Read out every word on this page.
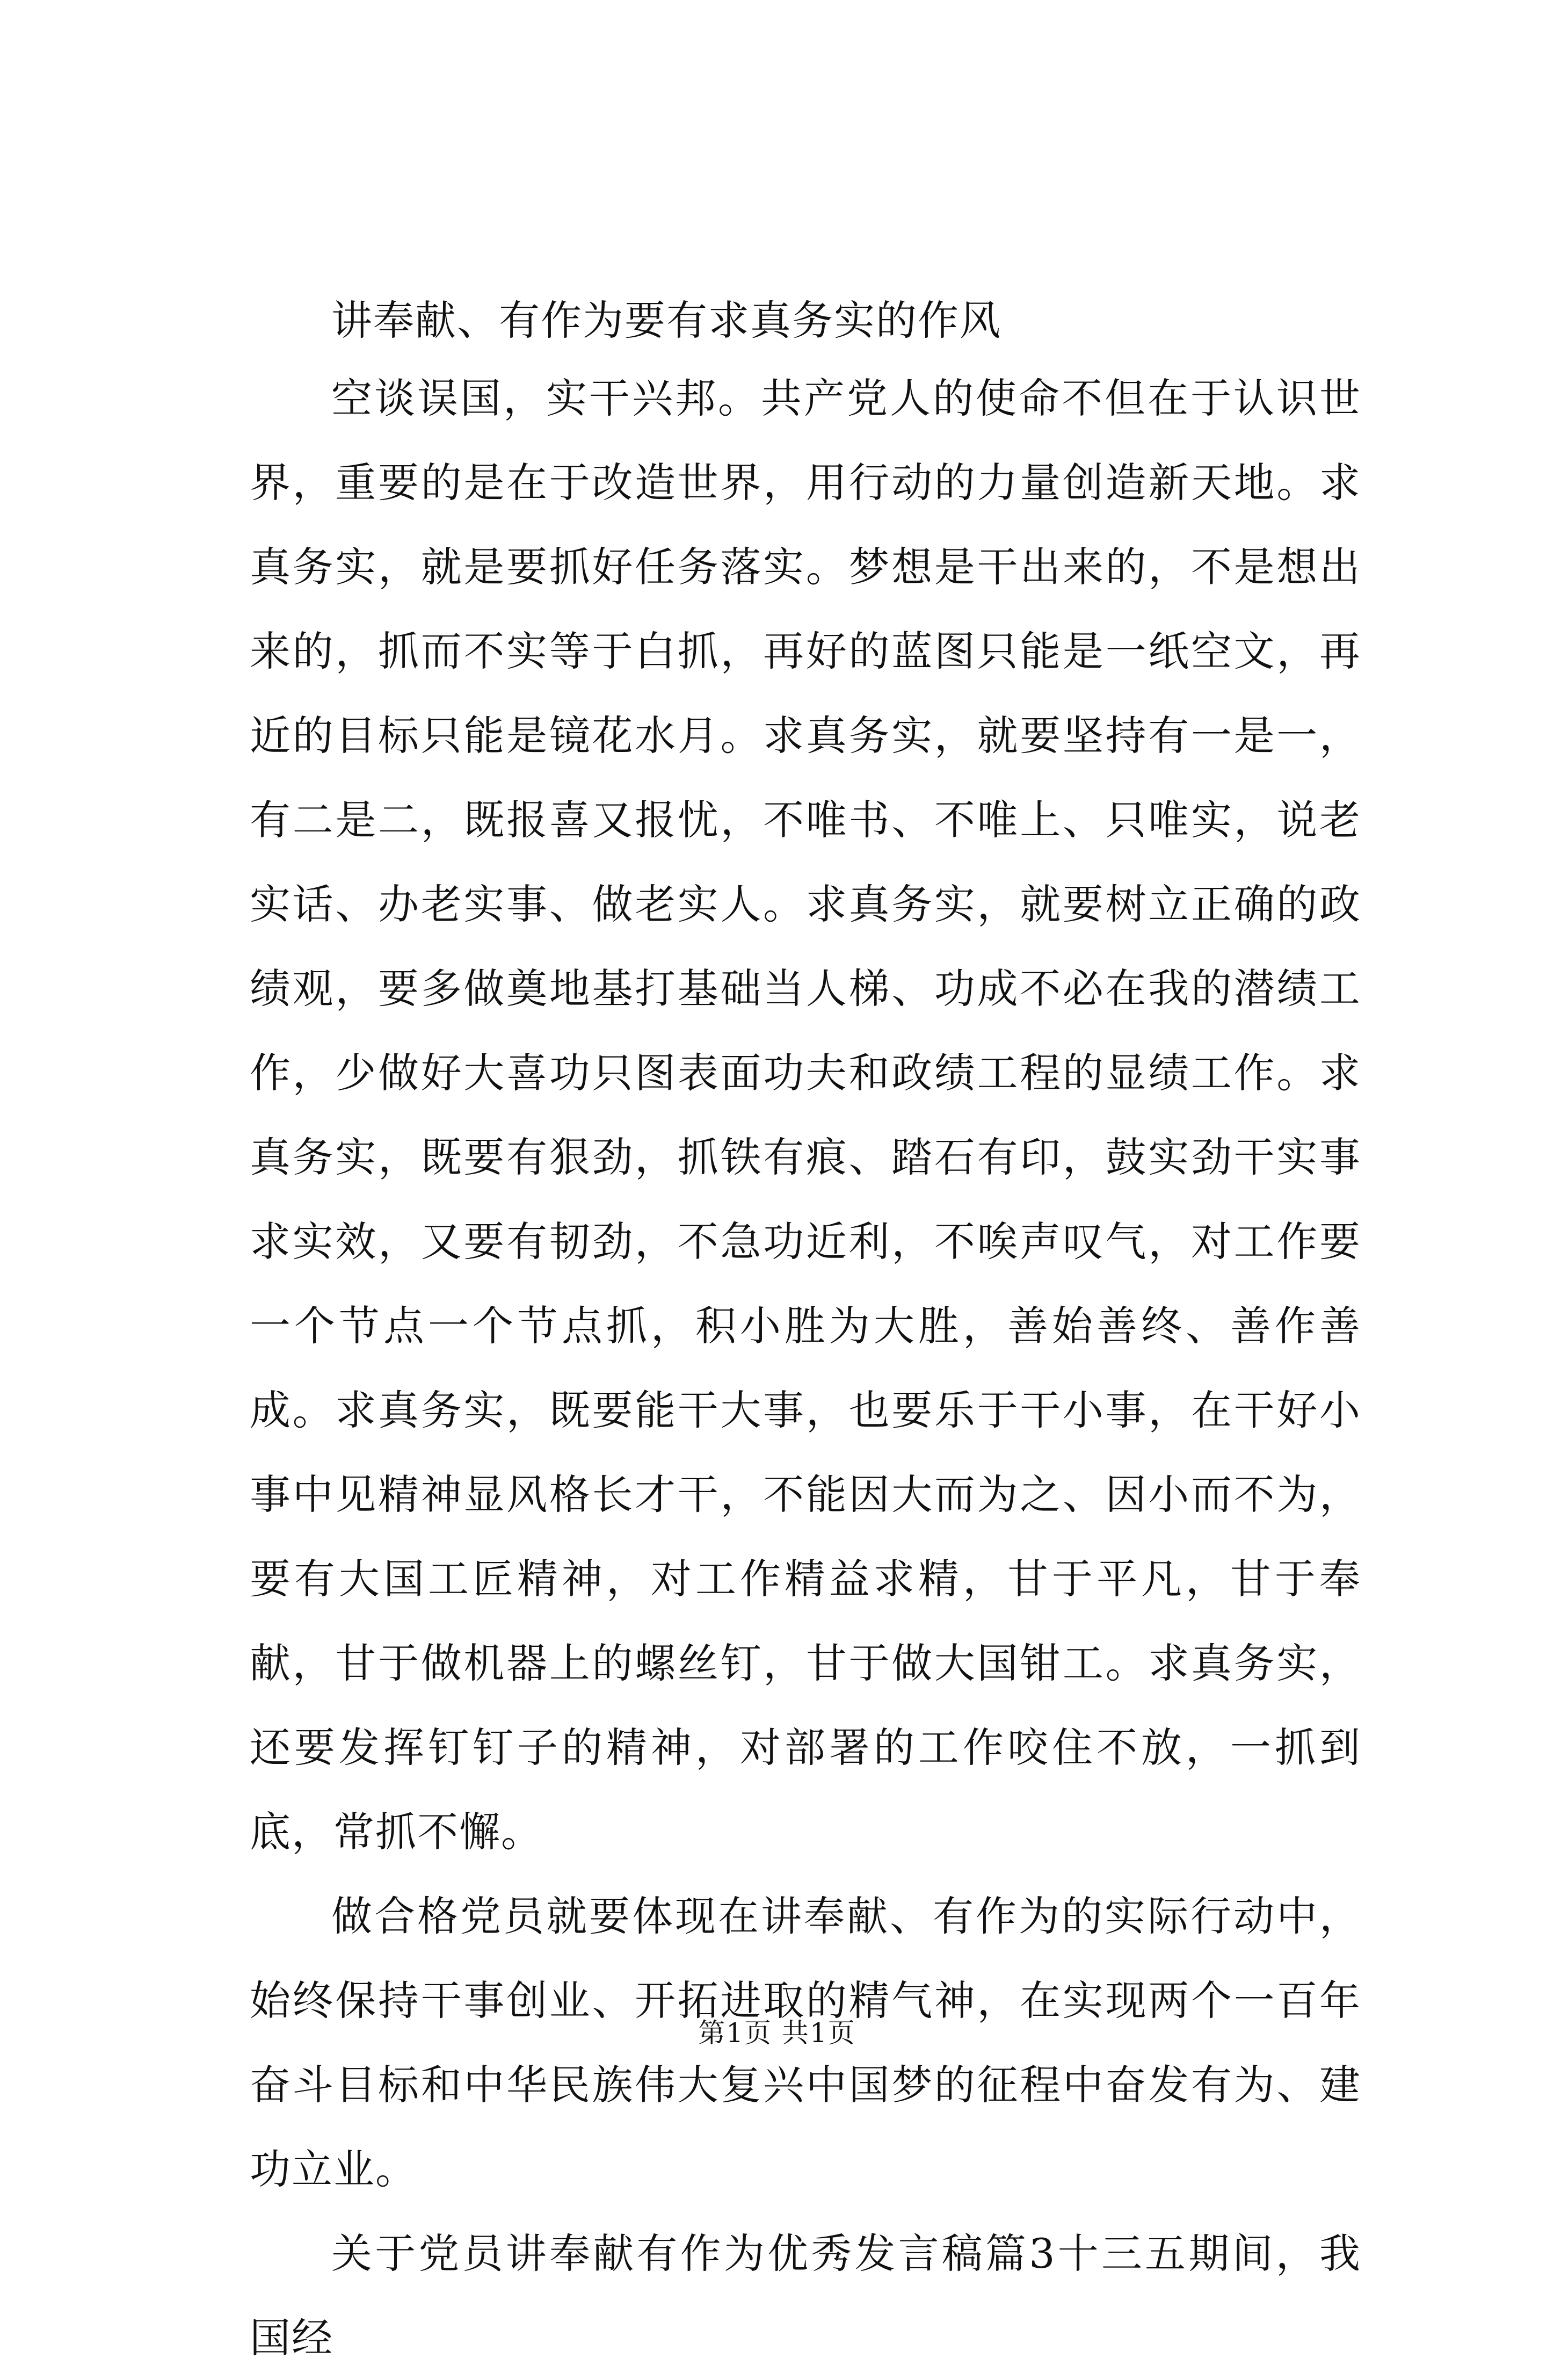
讲奉献、有作为要有求真务实的作风

空谈误国，实干兴邦。共产党人的使命不但在于认识世界，重要的是在于改造世界，用行动的力量创造新天地。求真务实，就是要抓好任务落实。梦想是干出来的，不是想出来的，抓而不实等于白抓，再好的蓝图只能是一纸空文，再近的目标只能是镜花水月。求真务实，就要坚持有一是一，有二是二，既报喜又报忧，不唯书、不唯上、只唯实，说老实话、办老实事、做老实人。求真务实，就要树立正确的政绩观，要多做奠地基打基础当人梯、功成不必在我的潜绩工作，少做好大喜功只图表面功夫和政绩工程的显绩工作。求真务实，既要有狠劲，抓铁有痕、踏石有印，鼓实劲干实事求实效，又要有韧劲，不急功近利，不唉声叹气，对工作要一个节点一个节点抓，积小胜为大胜，善始善终、善作善成。求真务实，既要能干大事，也要乐于干小事，在干好小事中见精神显风格长才干，不能因大而为之、因小而不为，要有大国工匠精神，对工作精益求精，甘于平凡，甘于奉献，甘于做机器上的螺丝钉，甘于做大国钳工。求真务实，还要发挥钉钉子的精神，对部署的工作咬住不放，一抓到底，常抓不懈。

做合格党员就要体现在讲奉献、有作为的实际行动中，始终保持干事创业、开拓进取的精气神，在实现两个一百年奋斗目标和中华民族伟大复兴中国梦的征程中奋发有为、建功立业。

关于党员讲奉献有作为优秀发言稿篇3十三五期间，我国经

第1页 共1页
